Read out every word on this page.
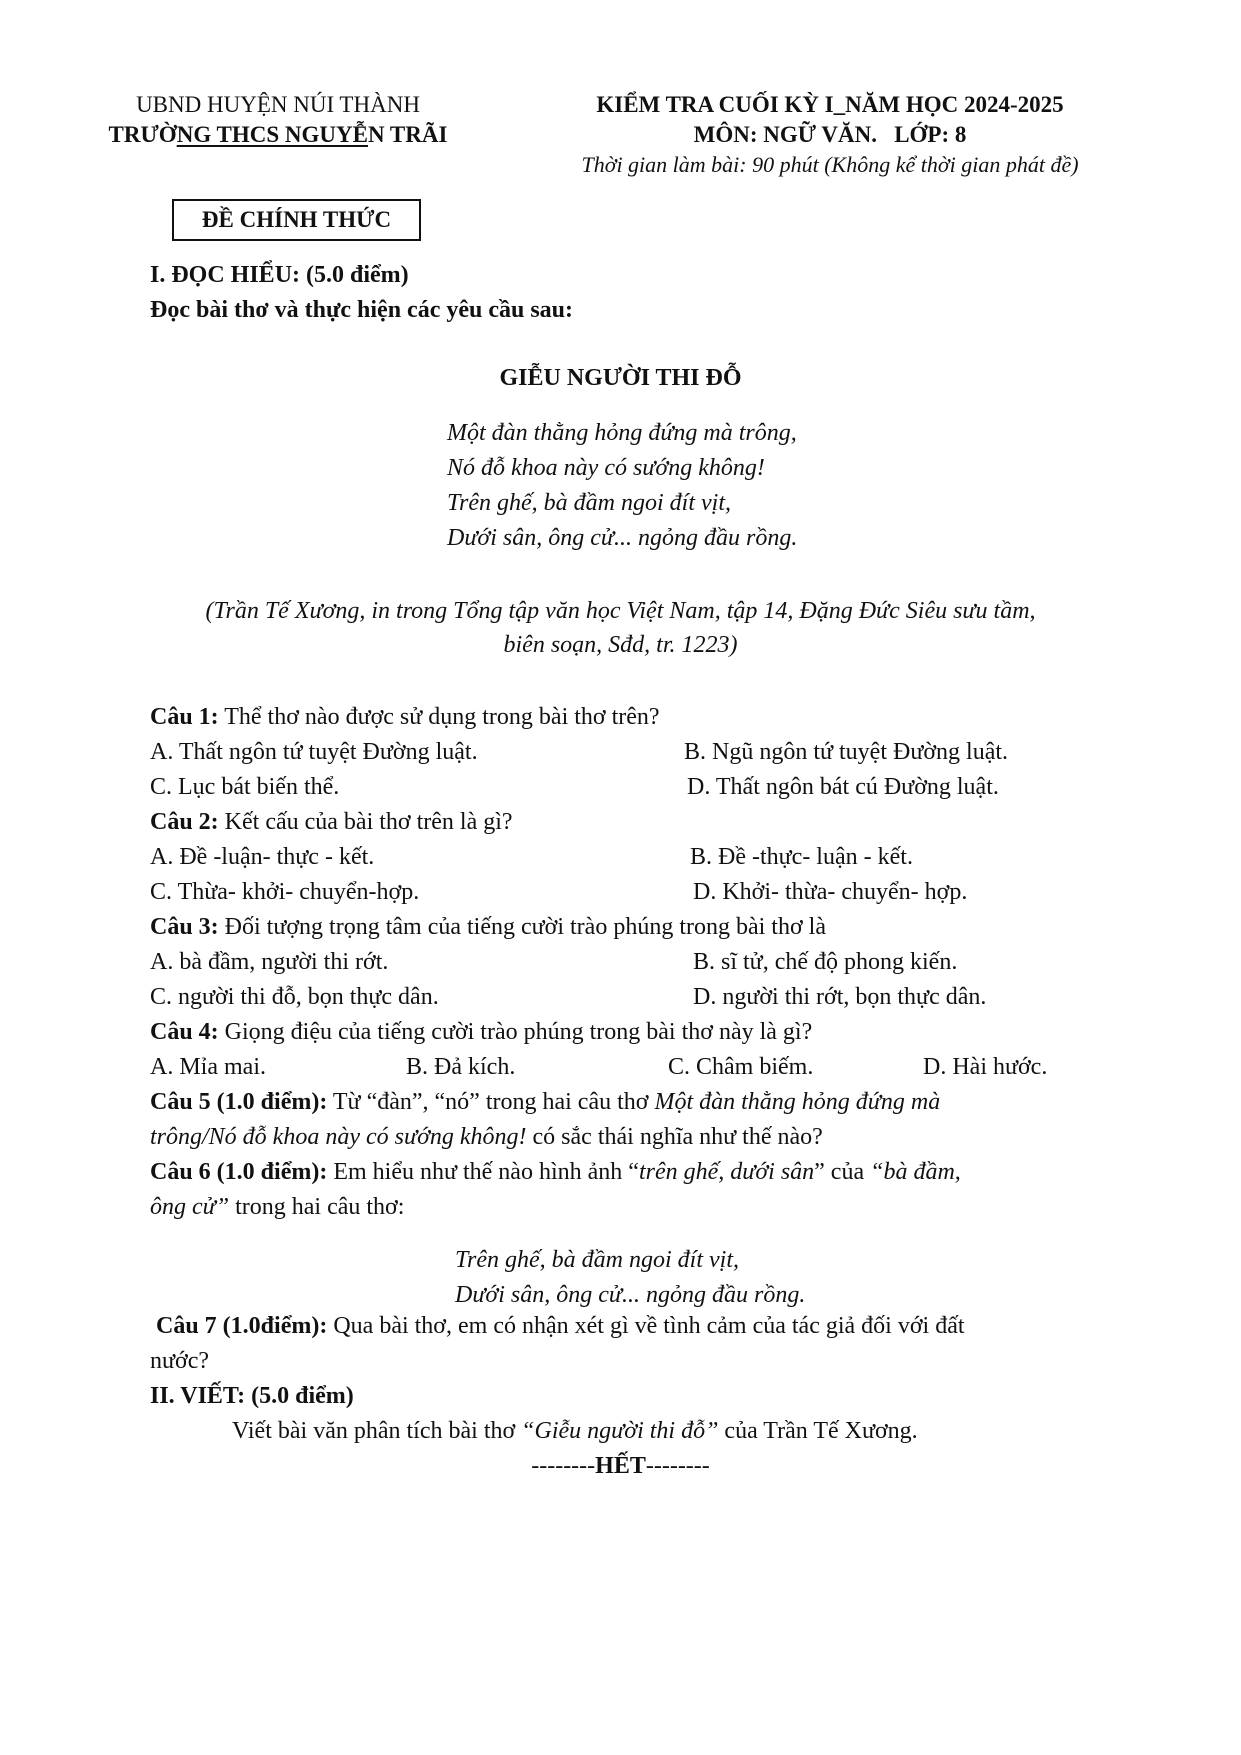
UBND HUYỆN NÚI THÀNH
TRƯỜNG THCS NGUYỄN TRÃI
ĐỀ CHÍNH THỨC
KIỂM TRA CUỐI KỲ I_NĂM HỌC 2024-2025
MÔN: NGỮ VĂN.   LỚP: 8
Thời gian làm bài: 90 phút (Không kể thời gian phát đề)
I. ĐỌC HIỂU: (5.0 điểm)
Đọc bài thơ và thực hiện các yêu cầu sau:
GIỄU NGƯỜI THI ĐỖ
Một đàn thằng hỏng đứng mà trông,
Nó đỗ khoa này có sướng không!
Trên ghế, bà đầm ngoi đít vịt,
Dưới sân, ông cử... ngỏng đầu rồng.
(Trần Tế Xương, in trong Tổng tập văn học Việt Nam, tập 14, Đặng Đức Siêu sưu tầm,
biên soạn, Sđd, tr. 1223)
Câu 1: Thể thơ nào được sử dụng trong bài thơ trên?
A. Thất ngôn tứ tuyệt Đường luật.	B. Ngũ ngôn tứ tuyệt Đường luật.
C. Lục bát biến thể.	D. Thất ngôn bát cú Đường luật.
Câu 2: Kết cấu của bài thơ trên là gì?
A. Đề -luận- thực - kết.	B. Đề -thực- luận - kết.
C. Thừa- khởi- chuyển-hợp.	D. Khởi- thừa- chuyển- hợp.
Câu 3: Đối tượng trọng tâm của tiếng cười trào phúng trong bài thơ là
A. bà đầm, người thi rớt.	B. sĩ tử, chế độ phong kiến.
C. người thi đỗ, bọn thực dân.	D. người thi rớt, bọn thực dân.
Câu 4: Giọng điệu của tiếng cười trào phúng trong bài thơ này là gì?
A. Mỉa mai.	B. Đả kích.	C. Châm biếm.	D. Hài hước.
Câu 5 (1.0 điểm): Từ “đàn”, “nó” trong hai câu thơ Một đàn thằng hỏng đứng mà
trông/Nó đỗ khoa này có sướng không! có sắc thái nghĩa như thế nào?
Câu 6 (1.0 điểm): Em hiểu như thế nào hình ảnh “trên ghế, dưới sân” của “bà đầm,
ông cử” trong hai câu thơ:
Trên ghế, bà đầm ngoi đít vịt,
Dưới sân, ông cử... ngỏng đầu rồng.
Câu 7 (1.0điểm): Qua bài thơ, em có nhận xét gì về tình cảm của tác giả đối với đất
nước?
II. VIẾT: (5.0 điểm)
Viết bài văn phân tích bài thơ “Giễu người thi đỗ” của Trần Tế Xương.
--------HẾT--------
